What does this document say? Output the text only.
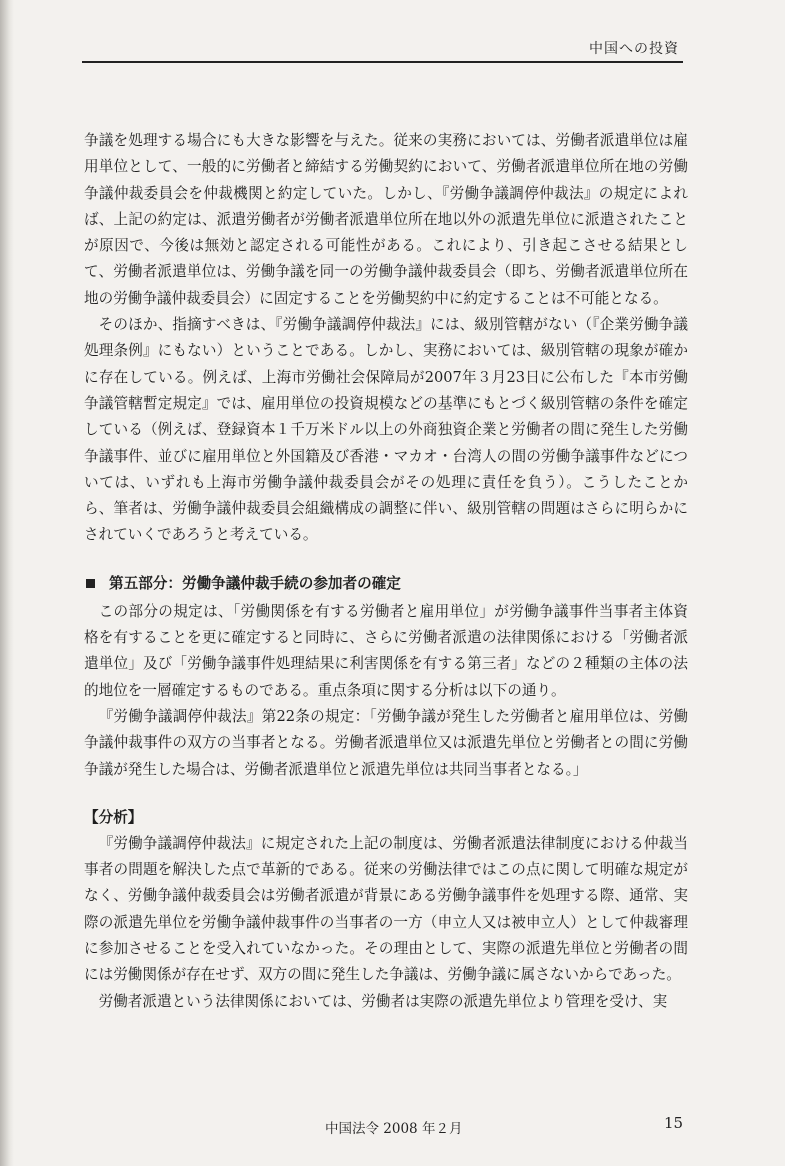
中国への投資

争議を処理する場合にも大きな影響を与えた。従来の実務においては、労働者派遣単位は雇用単位として、一般的に労働者と締結する労働契約において、労働者派遣単位所在地の労働争議仲裁委員会を仲裁機関と約定していた。しかし、『労働争議調停仲裁法』の規定によれば、上記の約定は、派遣労働者が労働者派遣単位所在地以外の派遣先単位に派遣されたことが原因で、今後は無効と認定される可能性がある。これにより、引き起こさせる結果として、労働者派遣単位は、労働争議を同一の労働争議仲裁委員会（即ち、労働者派遣単位所在地の労働争議仲裁委員会）に固定することを労働契約中に約定することは不可能となる。

そのほか、指摘すべきは、『労働争議調停仲裁法』には、級別管轄がない（『企業労働争議処理条例』にもない）ということである。しかし、実務においては、級別管轄の現象が確かに存在している。例えば、上海市労働社会保障局が2007年３月23日に公布した『本市労働争議管轄暫定規定』では、雇用単位の投資規模などの基準にもとづく級別管轄の条件を確定している（例えば、登録資本１千万米ドル以上の外商独資企業と労働者の間に発生した労働争議事件、並びに雇用単位と外国籍及び香港・マカオ・台湾人の間の労働争議事件などについては、いずれも上海市労働争議仲裁委員会がその処理に責任を負う）。こうしたことから、筆者は、労働争議仲裁委員会組織構成の調整に伴い、級別管轄の問題はさらに明らかにされていくであろうと考えている。

第五部分：労働争議仲裁手続の参加者の確定

この部分の規定は、「労働関係を有する労働者と雇用単位」が労働争議事件当事者主体資格を有することを更に確定すると同時に、さらに労働者派遣の法律関係における「労働者派遣単位」及び「労働争議事件処理結果に利害関係を有する第三者」などの２種類の主体の法的地位を一層確定するものである。重点条項に関する分析は以下の通り。

『労働争議調停仲裁法』第22条の規定：「労働争議が発生した労働者と雇用単位は、労働争議仲裁事件の双方の当事者となる。労働者派遣単位又は派遣先単位と労働者との間に労働争議が発生した場合は、労働者派遣単位と派遣先単位は共同当事者となる。」

【分析】

『労働争議調停仲裁法』に規定された上記の制度は、労働者派遣法律制度における仲裁当事者の問題を解決した点で革新的である。従来の労働法律ではこの点に関して明確な規定がなく、労働争議仲裁委員会は労働者派遣が背景にある労働争議事件を処理する際、通常、実際の派遣先単位を労働争議仲裁事件の当事者の一方（申立人又は被申立人）として仲裁審理に参加させることを受入れていなかった。その理由として、実際の派遣先単位と労働者の間には労働関係が存在せず、双方の間に発生した争議は、労働争議に属さないからであった。

労働者派遣という法律関係においては、労働者は実際の派遣先単位より管理を受け、実

中国法令 2008 年２月	15
